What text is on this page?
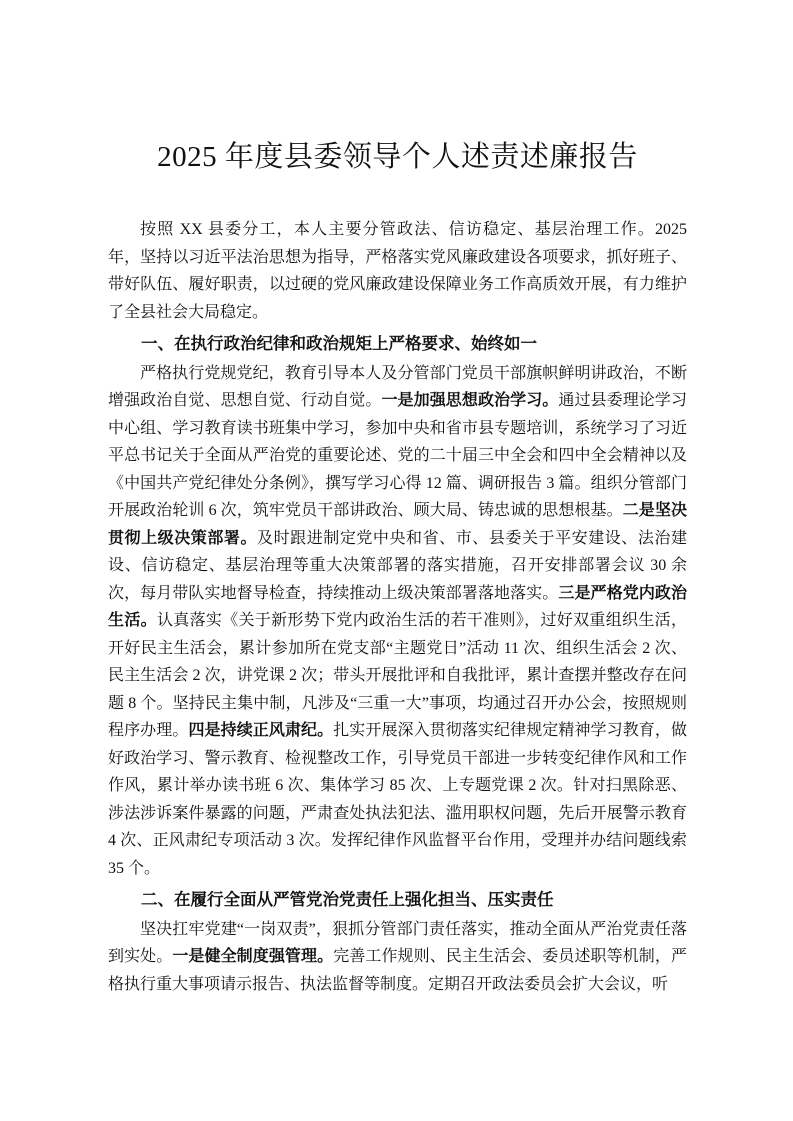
2025 年度县委领导个人述责述廉报告

按照 XX 县委分工，本人主要分管政法、信访稳定、基层治理工作。2025 年，坚持以习近平法治思想为指导，严格落实党风廉政建设各项要求，抓好班子、带好队伍、履好职责，以过硬的党风廉政建设保障业务工作高质效开展，有力维护了全县社会大局稳定。

一、在执行政治纪律和政治规矩上严格要求、始终如一

严格执行党规党纪，教育引导本人及分管部门党员干部旗帜鲜明讲政治，不断增强政治自觉、思想自觉、行动自觉。一是加强思想政治学习。通过县委理论学习中心组、学习教育读书班集中学习，参加中央和省市县专题培训，系统学习了习近平总书记关于全面从严治党的重要论述、党的二十届三中全会和四中全会精神以及《中国共产党纪律处分条例》，撰写学习心得 12 篇、调研报告 3 篇。组织分管部门开展政治轮训 6 次，筑牢党员干部讲政治、顾大局、铸忠诚的思想根基。二是坚决贯彻上级决策部署。及时跟进制定党中央和省、市、县委关于平安建设、法治建设、信访稳定、基层治理等重大决策部署的落实措施，召开安排部署会议 30 余次，每月带队实地督导检查，持续推动上级决策部署落地落实。三是严格党内政治生活。认真落实《关于新形势下党内政治生活的若干准则》，过好双重组织生活，开好民主生活会，累计参加所在党支部“主题党日”活动 11 次、组织生活会 2 次、民主生活会 2 次，讲党课 2 次；带头开展批评和自我批评，累计查摆并整改存在问题 8 个。坚持民主集中制，凡涉及“三重一大”事项，均通过召开办公会，按照规则程序办理。四是持续正风肃纪。扎实开展深入贯彻落实纪律规定精神学习教育，做好政治学习、警示教育、检视整改工作，引导党员干部进一步转变纪律作风和工作作风，累计举办读书班 6 次、集体学习 85 次、上专题党课 2 次。针对扫黑除恶、涉法涉诉案件暴露的问题，严肃查处执法犯法、滥用职权问题，先后开展警示教育 4 次、正风肃纪专项活动 3 次。发挥纪律作风监督平台作用，受理并办结问题线索 35 个。

二、在履行全面从严管党治党责任上强化担当、压实责任

坚决扛牢党建“一岗双责”，狠抓分管部门责任落实，推动全面从严治党责任落到实处。一是健全制度强管理。完善工作规则、民主生活会、委员述职等机制，严格执行重大事项请示报告、执法监督等制度。定期召开政法委员会扩大会议，听
